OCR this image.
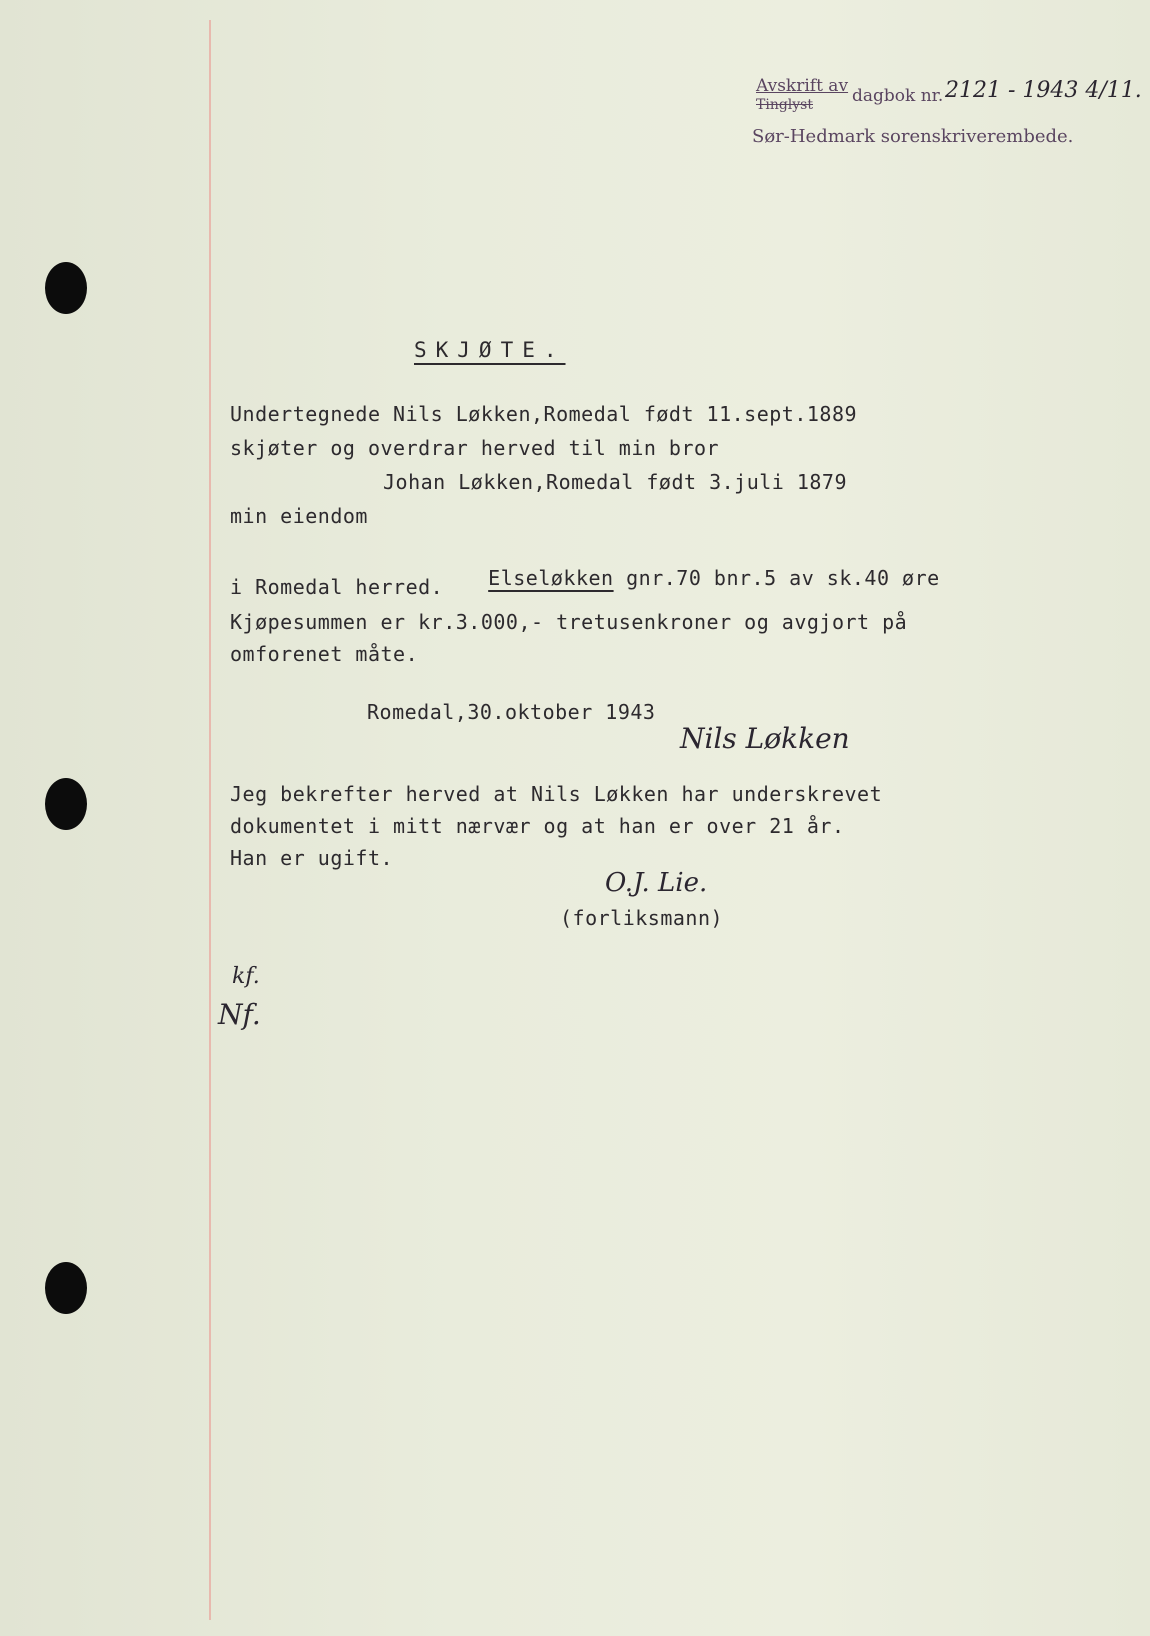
Avskrift av
Tinglyst dagbok nr. 2121 - 1943 4/11.
Sør-Hedmark sorenskriverembede.
SKJØTE.
Undertegnede Nils Løkken,Romedal født 11.sept.1889
skjøter og overdrar herved til min bror
Johan Løkken,Romedal født 3.juli 1879
min eiendom

Elseløkken gnr.70 bnr.5 av sk.40 øre

i Romedal herred.
Kjøpesummen er kr.3.000,- tretusenkroner og avgjort på
omforenet måte.
Romedal,30.oktober 1943
Nils Løkken
Jeg bekrefter herved at Nils Løkken har underskrevet
dokumentet i mitt nærvær og at han er over 21 år.
Han er ugift.
O.J. Lie.
(forliksmann)
kf.
Nf.
